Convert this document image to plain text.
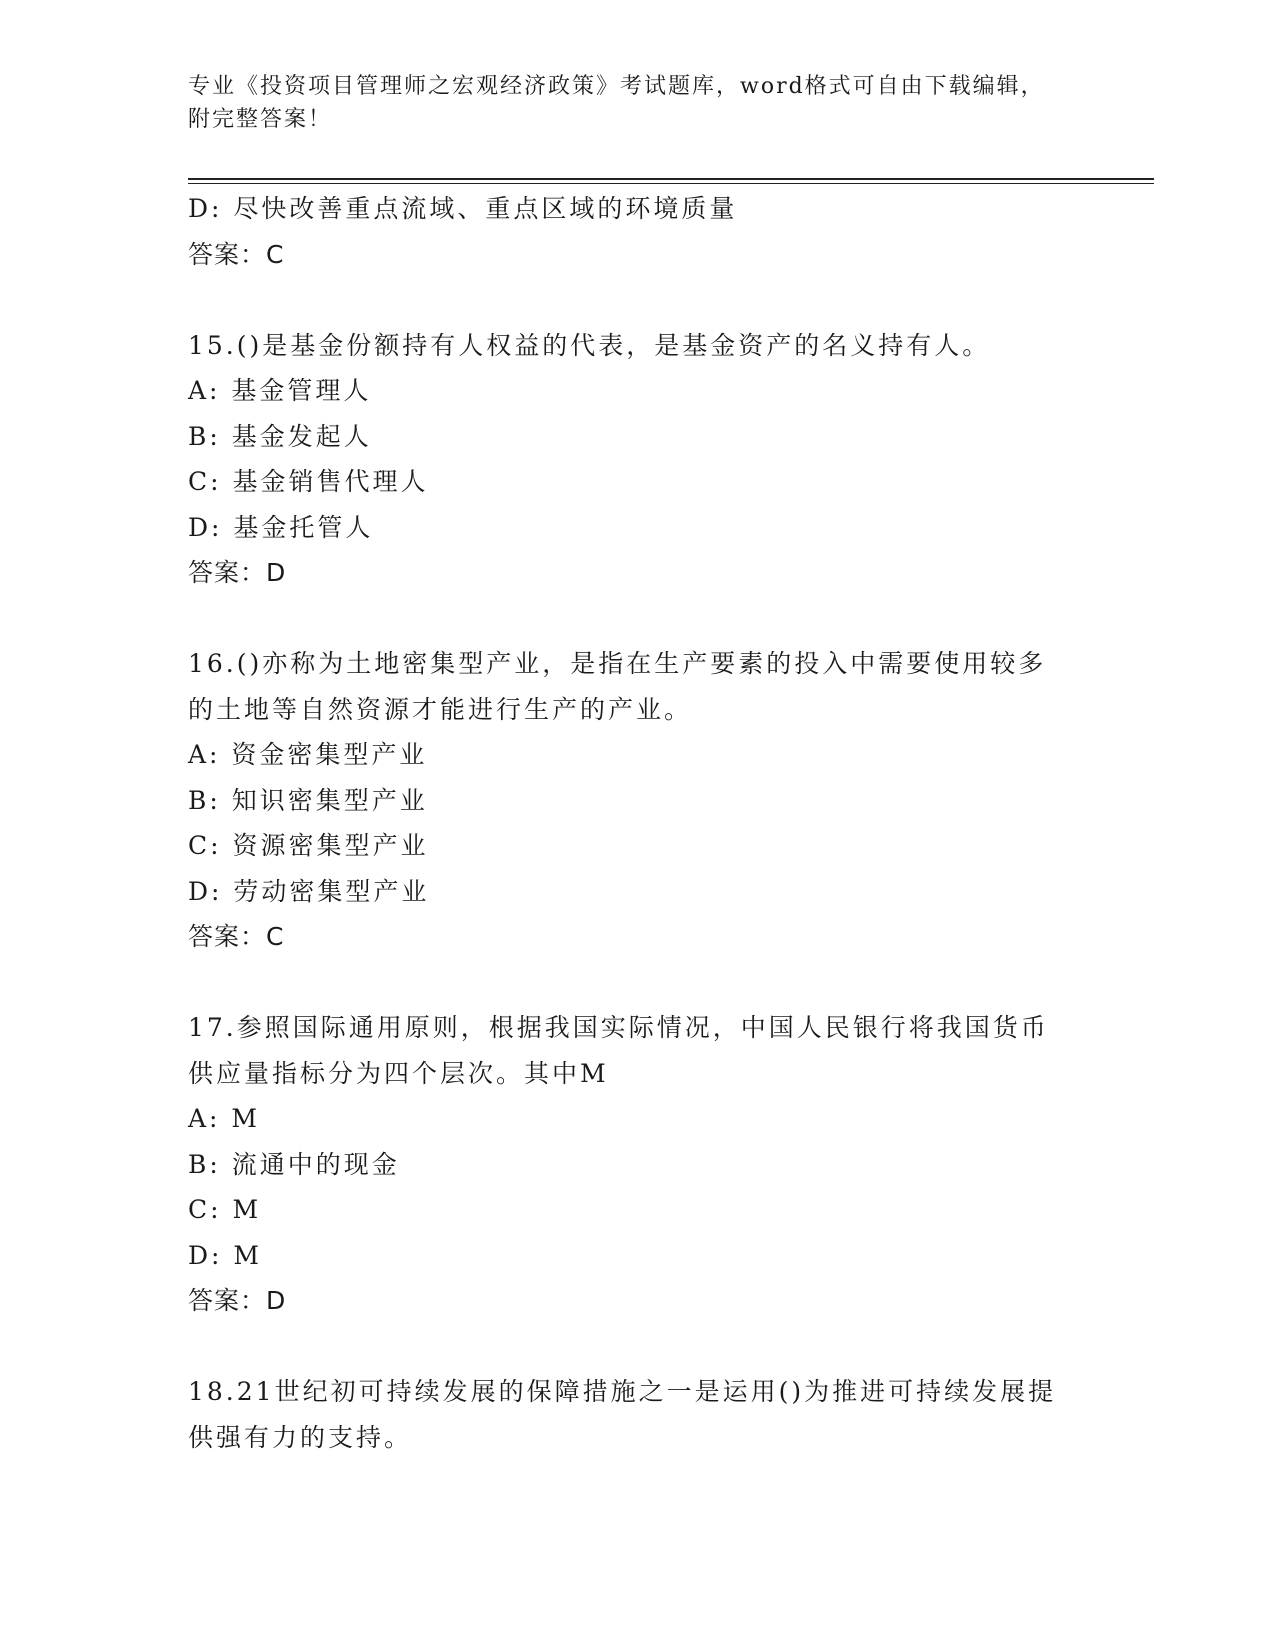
专业《投资项目管理师之宏观经济政策》考试题库，word格式可自由下载编辑，
附完整答案！
D: 尽快改善重点流域、重点区域的环境质量
答案：C
15.()是基金份额持有人权益的代表，是基金资产的名义持有人。
A: 基金管理人
B: 基金发起人
C: 基金销售代理人
D: 基金托管人
答案：D
16.()亦称为土地密集型产业，是指在生产要素的投入中需要使用较多
的土地等自然资源才能进行生产的产业。
A: 资金密集型产业
B: 知识密集型产业
C: 资源密集型产业
D: 劳动密集型产业
答案：C
17.参照国际通用原则，根据我国实际情况，中国人民银行将我国货币
供应量指标分为四个层次。其中M
A: M
B: 流通中的现金
C: M
D: M
答案：D
18.21世纪初可持续发展的保障措施之一是运用()为推进可持续发展提
供强有力的支持。
